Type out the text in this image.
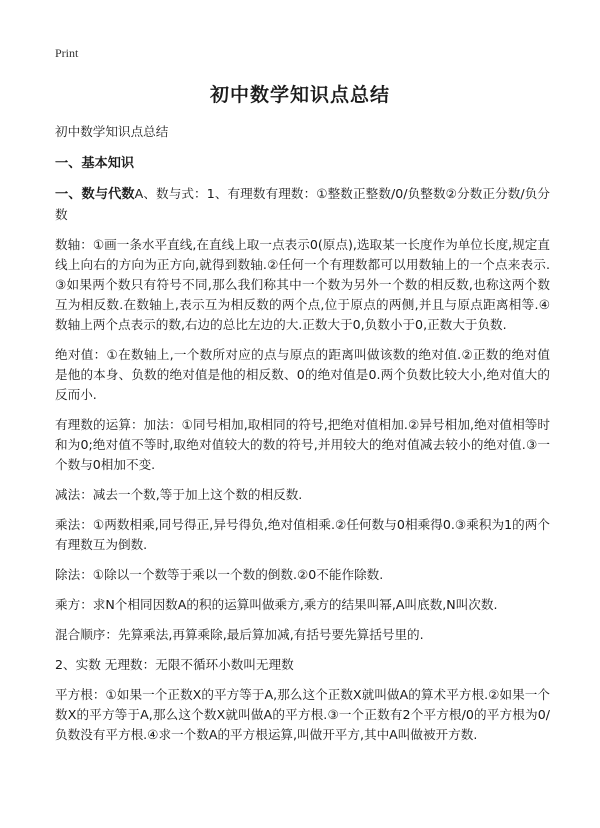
Print
初中数学知识点总结
初中数学知识点总结
一、基本知识
一、数与代数A、数与式：1、有理数有理数：①整数正整数/0/负整数②分数正分数/负分数
数轴：①画一条水平直线,在直线上取一点表示0(原点),选取某一长度作为单位长度,规定直线上向右的方向为正方向,就得到数轴.②任何一个有理数都可以用数轴上的一个点来表示.③如果两个数只有符号不同,那么我们称其中一个数为另外一个数的相反数,也称这两个数互为相反数.在数轴上,表示互为相反数的两个点,位于原点的两侧,并且与原点距离相等.④数轴上两个点表示的数,右边的总比左边的大.正数大于0,负数小于0,正数大于负数.
绝对值：①在数轴上,一个数所对应的点与原点的距离叫做该数的绝对值.②正数的绝对值是他的本身、负数的绝对值是他的相反数、0的绝对值是0.两个负数比较大小,绝对值大的反而小.
有理数的运算：加法：①同号相加,取相同的符号,把绝对值相加.②异号相加,绝对值相等时和为0;绝对值不等时,取绝对值较大的数的符号,并用较大的绝对值减去较小的绝对值.③一个数与0相加不变.
减法：减去一个数,等于加上这个数的相反数.
乘法：①两数相乘,同号得正,异号得负,绝对值相乘.②任何数与0相乘得0.③乘积为1的两个有理数互为倒数.
除法：①除以一个数等于乘以一个数的倒数.②0不能作除数.
乘方：求N个相同因数A的积的运算叫做乘方,乘方的结果叫幂,A叫底数,N叫次数.
混合顺序：先算乘法,再算乘除,最后算加减,有括号要先算括号里的.
2、实数 无理数：无限不循环小数叫无理数
平方根：①如果一个正数X的平方等于A,那么这个正数X就叫做A的算术平方根.②如果一个数X的平方等于A,那么这个数X就叫做A的平方根.③一个正数有2个平方根/0的平方根为0/负数没有平方根.④求一个数A的平方根运算,叫做开平方,其中A叫做被开方数.
